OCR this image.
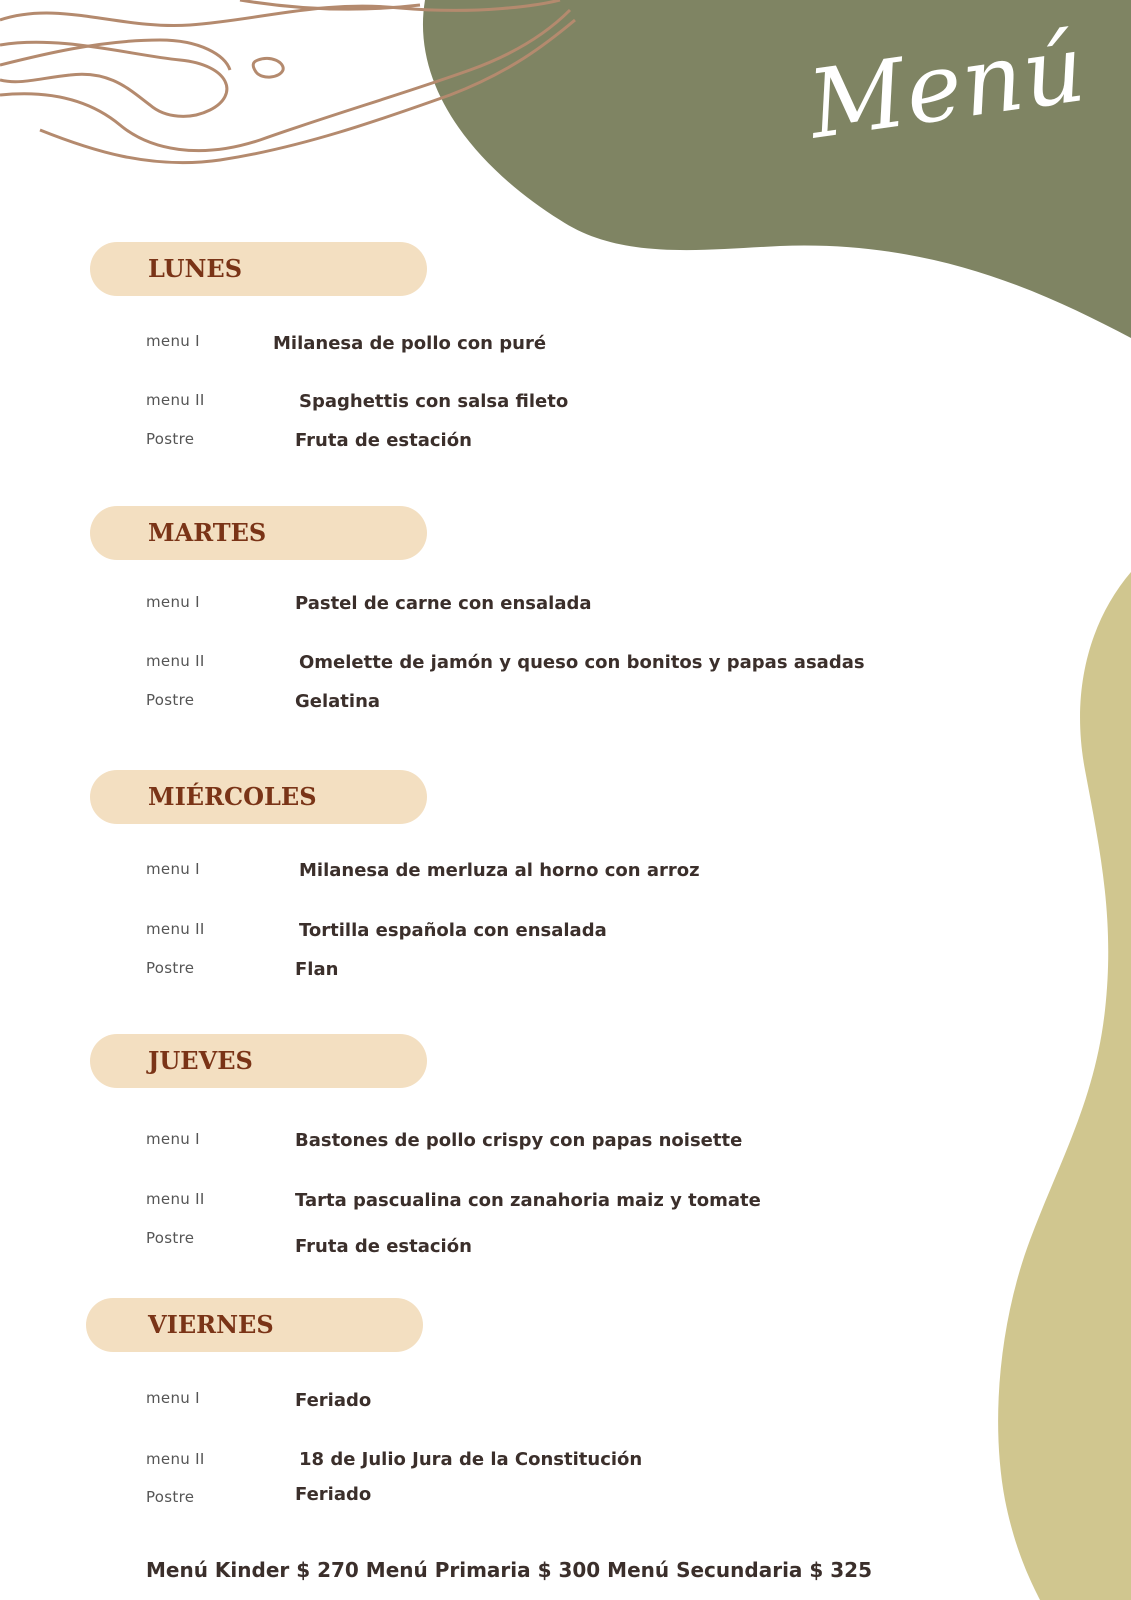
Menú
LUNES
menu I	Milanesa de pollo con puré
menu II	Spaghettis con salsa fileto
Postre	Fruta de estación
MARTES
menu I	Pastel de carne con ensalada
menu II	Omelette de jamón y queso con bonitos y papas asadas
Postre	Gelatina
MIÉRCOLES
menu I	Milanesa de merluza al horno con arroz
menu II	Tortilla española con ensalada
Postre	Flan
JUEVES
menu I	Bastones de pollo crispy con papas noisette
menu II	Tarta pascualina con zanahoria maiz y tomate
Postre	Fruta de estación
VIERNES
menu I	Feriado
menu II	18 de Julio Jura de la Constitución
Postre	Feriado
Menú Kinder $ 270 Menú Primaria $ 300 Menú Secundaria $ 325
